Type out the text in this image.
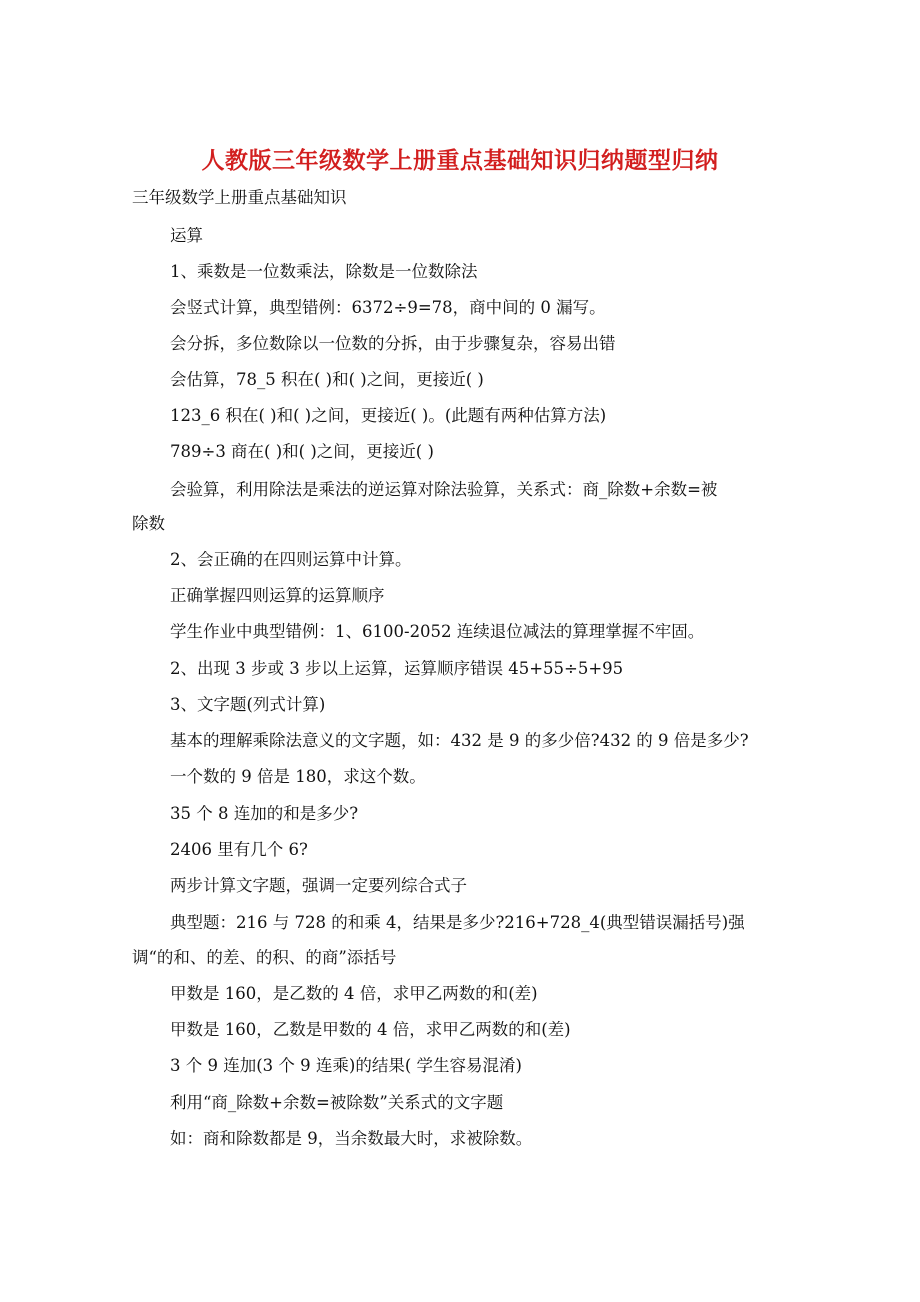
人教版三年级数学上册重点基础知识归纳题型归纳
三年级数学上册重点基础知识
运算
1、乘数是一位数乘法，除数是一位数除法
会竖式计算，典型错例：6372÷9=78，商中间的 0 漏写。
会分拆，多位数除以一位数的分拆，由于步骤复杂，容易出错
会估算，78_5 积在( )和( )之间，更接近( )
123_6 积在( )和( )之间，更接近( )。(此题有两种估算方法)
789÷3 商在( )和( )之间，更接近( )
会验算，利用除法是乘法的逆运算对除法验算，关系式：商_除数+余数=被
除数
2、会正确的在四则运算中计算。
正确掌握四则运算的运算顺序
学生作业中典型错例：1、6100-2052 连续退位减法的算理掌握不牢固。
2、出现 3 步或 3 步以上运算，运算顺序错误 45+55÷5+95
3、文字题(列式计算)
基本的理解乘除法意义的文字题，如：432 是 9 的多少倍?432 的 9 倍是多少?
一个数的 9 倍是 180，求这个数。
35 个 8 连加的和是多少?
2406 里有几个 6?
两步计算文字题，强调一定要列综合式子
典型题：216 与 728 的和乘 4，结果是多少?216+728_4(典型错误漏括号)强
调“的和、的差、的积、的商”添括号
甲数是 160，是乙数的 4 倍，求甲乙两数的和(差)
甲数是 160，乙数是甲数的 4 倍，求甲乙两数的和(差)
3 个 9 连加(3 个 9 连乘)的结果( 学生容易混淆)
利用“商_除数+余数=被除数”关系式的文字题
如：商和除数都是 9，当余数最大时，求被除数。
